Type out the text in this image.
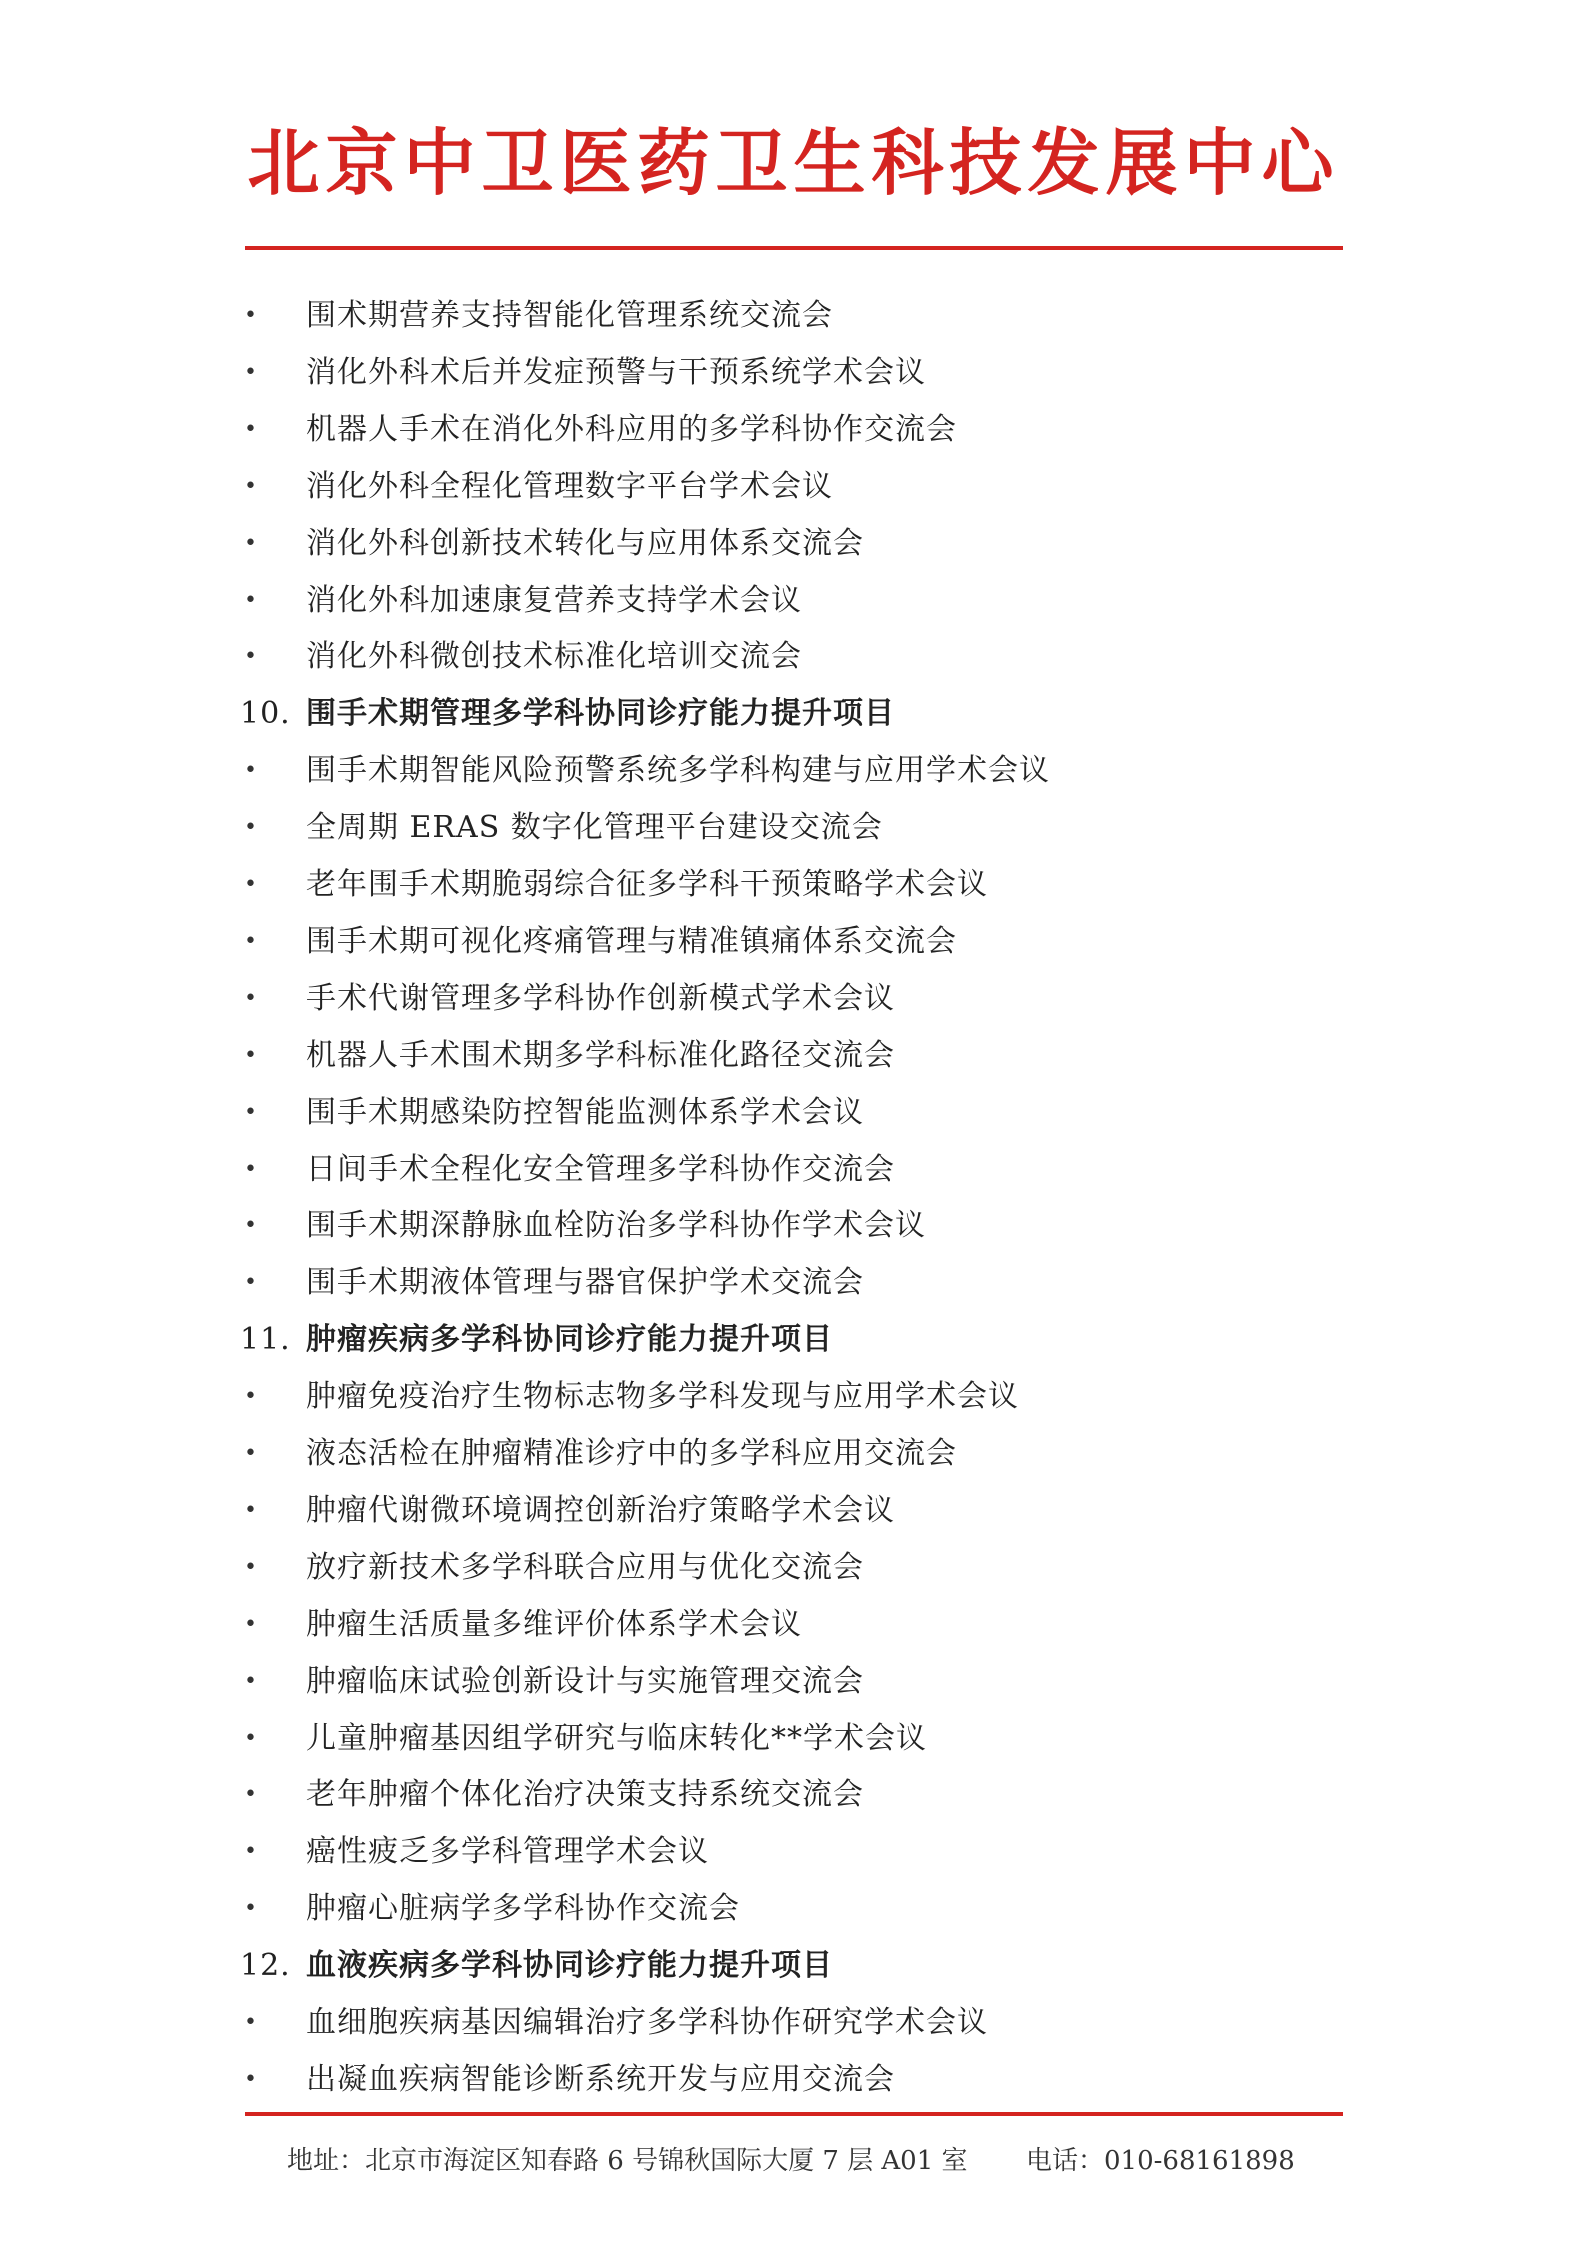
北京中卫医药卫生科技发展中心
• 围术期营养支持智能化管理系统交流会
• 消化外科术后并发症预警与干预系统学术会议
• 机器人手术在消化外科应用的多学科协作交流会
• 消化外科全程化管理数字平台学术会议
• 消化外科创新技术转化与应用体系交流会
• 消化外科加速康复营养支持学术会议
• 消化外科微创技术标准化培训交流会
10. 围手术期管理多学科协同诊疗能力提升项目
• 围手术期智能风险预警系统多学科构建与应用学术会议
• 全周期 ERAS 数字化管理平台建设交流会
• 老年围手术期脆弱综合征多学科干预策略学术会议
• 围手术期可视化疼痛管理与精准镇痛体系交流会
• 手术代谢管理多学科协作创新模式学术会议
• 机器人手术围术期多学科标准化路径交流会
• 围手术期感染防控智能监测体系学术会议
• 日间手术全程化安全管理多学科协作交流会
• 围手术期深静脉血栓防治多学科协作学术会议
• 围手术期液体管理与器官保护学术交流会
11. 肿瘤疾病多学科协同诊疗能力提升项目
• 肿瘤免疫治疗生物标志物多学科发现与应用学术会议
• 液态活检在肿瘤精准诊疗中的多学科应用交流会
• 肿瘤代谢微环境调控创新治疗策略学术会议
• 放疗新技术多学科联合应用与优化交流会
• 肿瘤生活质量多维评价体系学术会议
• 肿瘤临床试验创新设计与实施管理交流会
• 儿童肿瘤基因组学研究与临床转化**学术会议
• 老年肿瘤个体化治疗决策支持系统交流会
• 癌性疲乏多学科管理学术会议
• 肿瘤心脏病学多学科协作交流会
12. 血液疾病多学科协同诊疗能力提升项目
• 血细胞疾病基因编辑治疗多学科协作研究学术会议
• 出凝血疾病智能诊断系统开发与应用交流会
地址：北京市海淀区知春路 6 号锦秋国际大厦 7 层 A01 室 电话：010-68161898
